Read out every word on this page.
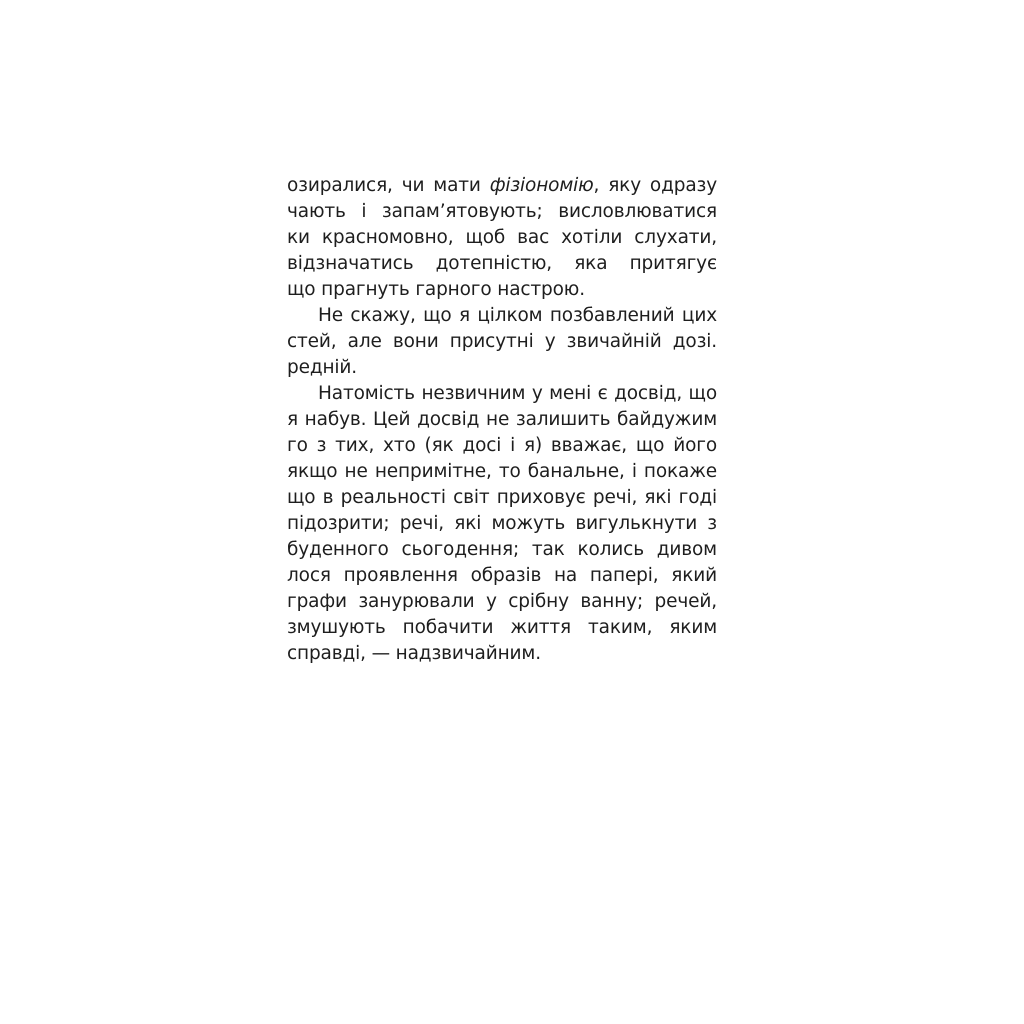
озиралися, чи мати фізіономію, яку одразу
чають і запам’ятовують; висловлюватися
ки красномовно, щоб вас хотіли слухати,
відзначатись дотепністю, яка притягує
що прагнуть гарного настрою.
Не скажу, що я цілком позбавлений цих
стей, але вони присутні у звичайній дозі.
редній.
Натомість незвичним у мені є досвід, що
я набув. Цей досвід не залишить байдужим
го з тих, хто (як досі і я) вважає, що його
якщо не непримітне, то банальне, і покаже
що в реальності світ приховує речі, які годі
підозрити; речі, які можуть вигулькнути з
буденного сьогодення; так колись дивом
лося проявлення образів на папері, який
графи занурювали у срібну ванну; речей,
змушують побачити життя таким, яким
справді, — надзвичайним.
